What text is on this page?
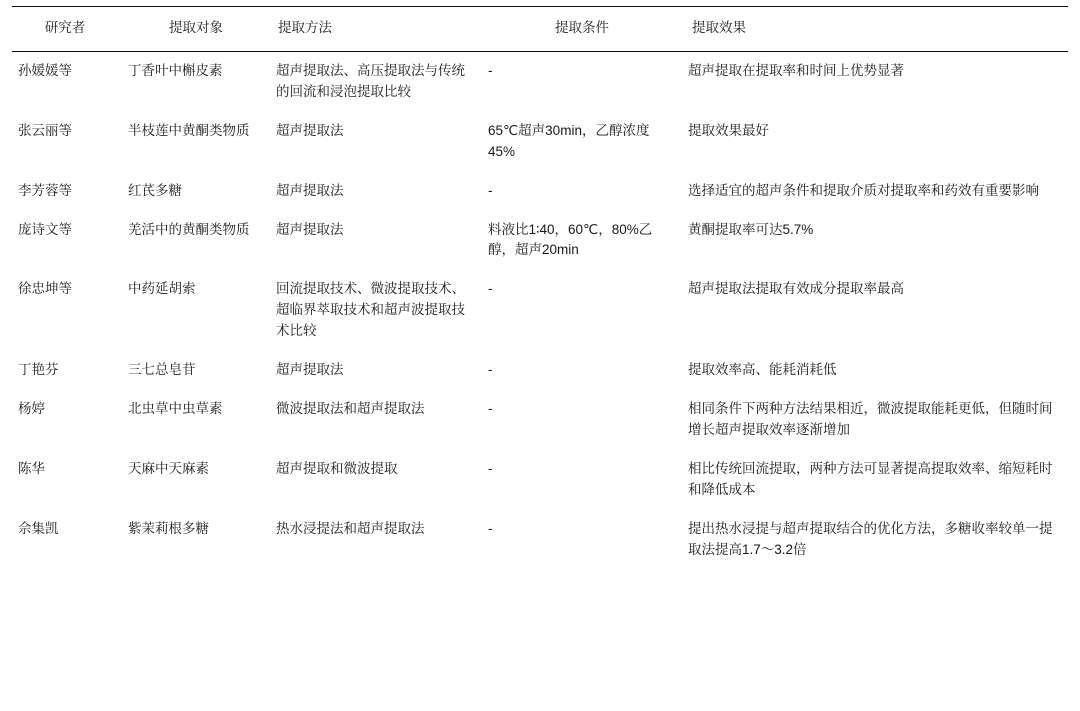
研究者	提取对象	提取方法	提取条件	提取效果
孙媛媛等	丁香叶中槲皮素	超声提取法、高压提取法与传统的回流和浸泡提取比较	-	超声提取在提取率和时间上优势显著
张云丽等	半枝莲中黄酮类物质	超声提取法	65℃超声30min，乙醇浓度45%	提取效果最好
李芳蓉等	红芪多糖	超声提取法	-	选择适宜的超声条件和提取介质对提取率和药效有重要影响
庞诗文等	羌活中的黄酮类物质	超声提取法	料液比1∶40，60℃，80%乙醇，超声20min	黄酮提取率可达5.7%
徐忠坤等	中药延胡索	回流提取技术、微波提取技术、超临界萃取技术和超声波提取技术比较	-	超声提取法提取有效成分提取率最高
丁艳芬	三七总皂苷	超声提取法	-	提取效率高、能耗消耗低
杨婷	北虫草中虫草素	微波提取法和超声提取法	-	相同条件下两种方法结果相近，微波提取能耗更低，但随时间增长超声提取效率逐渐增加
陈华	天麻中天麻素	超声提取和微波提取	-	相比传统回流提取，两种方法可显著提高提取效率、缩短耗时和降低成本
佘集凯	紫茉莉根多糖	热水浸提法和超声提取法	-	提出热水浸提与超声提取结合的优化方法，多糖收率较单一提取法提高1.7～3.2倍
